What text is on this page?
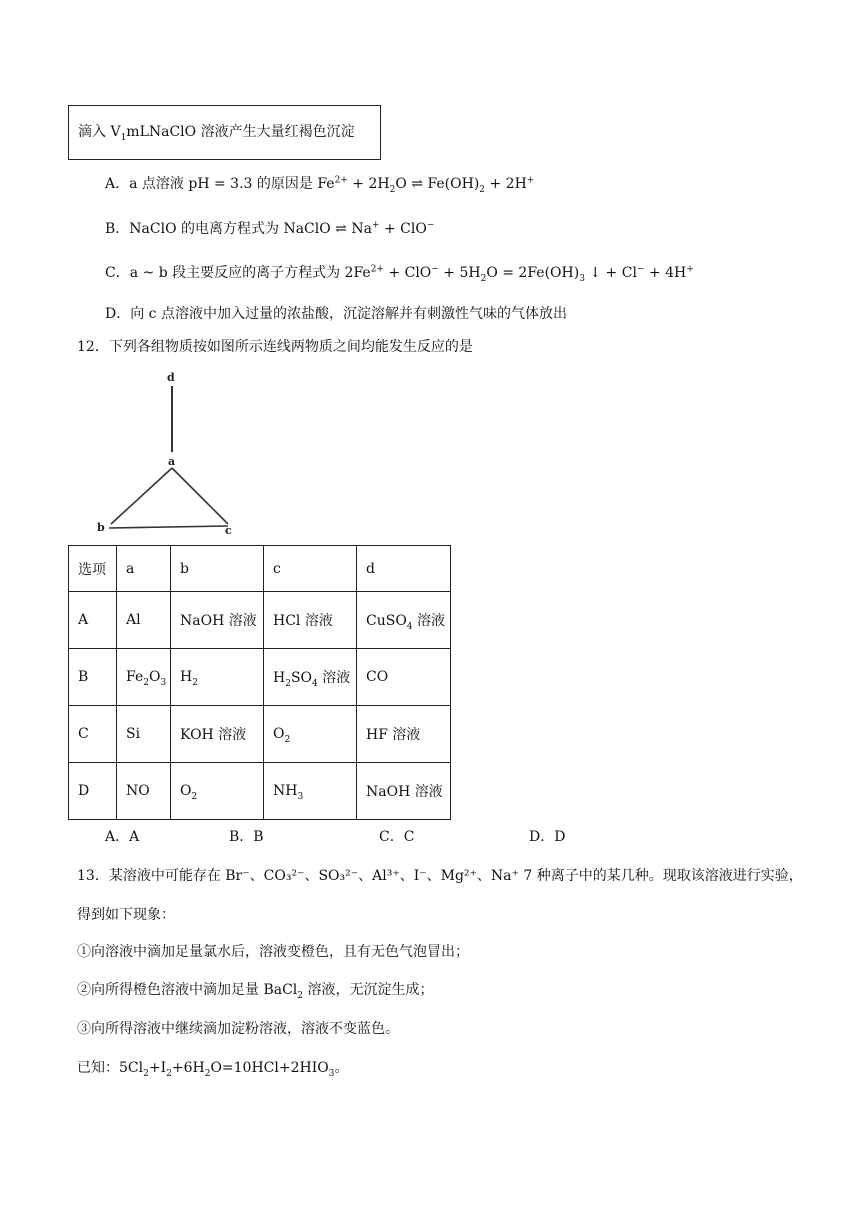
滴入 $V_1mLNaClO$ 溶液产生大量红褐色沉淀
A．a 点溶液 pH = 3.3 的原因是 $Fe^{2+} + 2H_2O$ ⇌ $Fe(OH)_2 + 2H^+$
B．NaClO 的电离方程式为 NaClO ⇌ Na+ + ClO−
C．a ~ b 段主要反应的离子方程式为 $2Fe^{2+} + ClO^- + 5H_2O = 2Fe(OH)_3$ ↓ + Cl− + 4H+
D．向 c 点溶液中加入过量的浓盐酸，沉淀溶解并有刺激性气味的气体放出
12．下列各组物质按如图所示连线两物质之间均能发生反应的是
d
a
b	c
选项	a	b	c	d
A	Al	NaOH 溶液	HCl 溶液	CuSO$_4$ 溶液
B	$Fe_2O_3$	$H_2$	$H_2SO_4$ 溶液	CO
C	Si	KOH 溶液	$O_2$	HF 溶液
D	NO	$O_2$	$NH_3$	NaOH 溶液
A．A	B．B	C．C	D．D
13．某溶液中可能存在 Br⁻、CO₃²⁻、SO₃²⁻、Al³⁺、I⁻、Mg²⁺、Na⁺ 7 种离子中的某几种。现取该溶液进行实验，
得到如下现象：
①向溶液中滴加足量氯水后，溶液变橙色，且有无色气泡冒出；
②向所得橙色溶液中滴加足量 BaCl$_2$ 溶液，无沉淀生成；
③向所得溶液中继续滴加淀粉溶液，溶液不变蓝色。
已知：$5Cl_2+I_2+6H_2O=10HCl+2HIO_3$。
